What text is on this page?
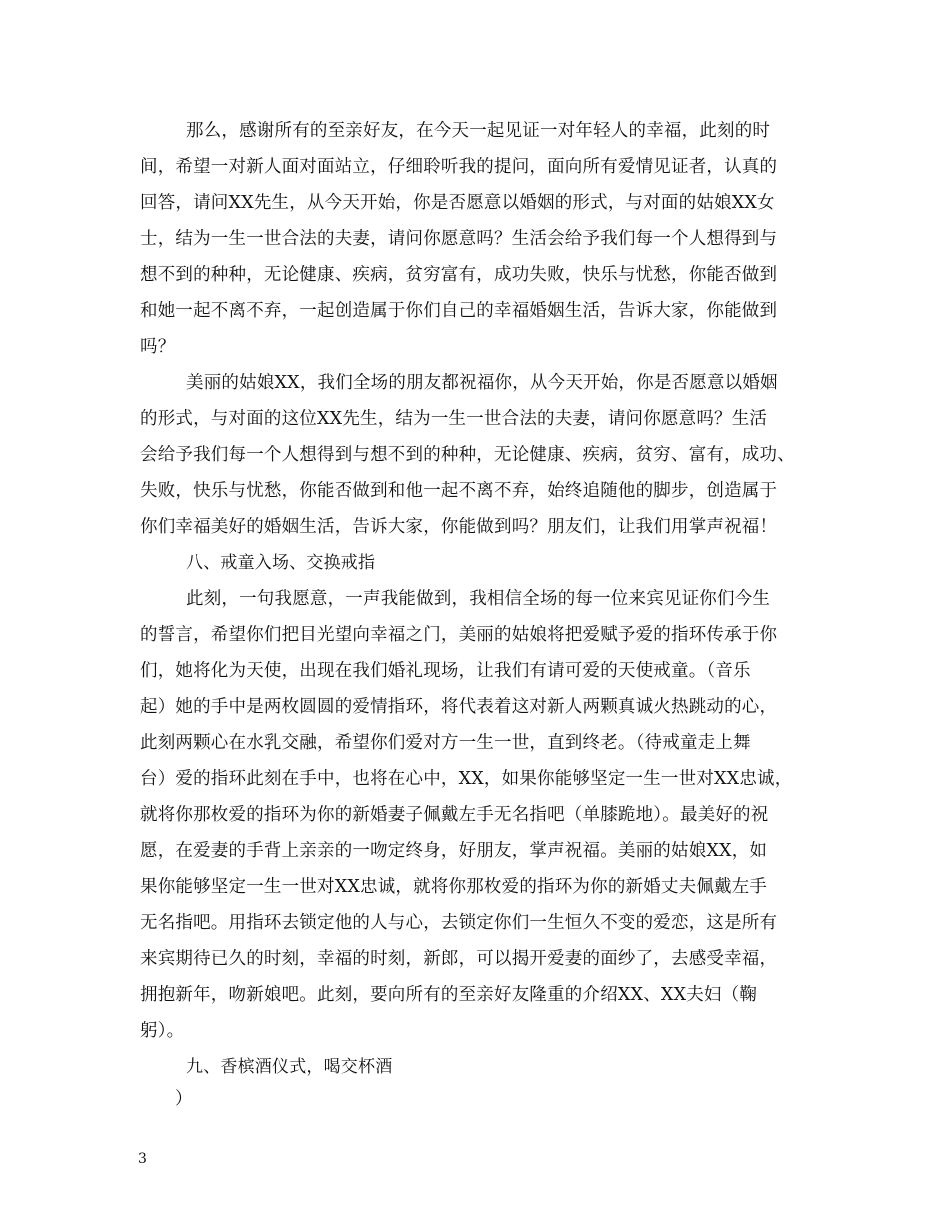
那么，感谢所有的至亲好友，在今天一起见证一对年轻人的幸福，此刻的时
间，希望一对新人面对面站立，仔细聆听我的提问，面向所有爱情见证者，认真的
回答，请问XX先生，从今天开始，你是否愿意以婚姻的形式，与对面的姑娘XX女
士，结为一生一世合法的夫妻，请问你愿意吗？生活会给予我们每一个人想得到与
想不到的种种，无论健康、疾病，贫穷富有，成功失败，快乐与忧愁，你能否做到
和她一起不离不弃，一起创造属于你们自己的幸福婚姻生活，告诉大家，你能做到
吗？
美丽的姑娘XX，我们全场的朋友都祝福你，从今天开始，你是否愿意以婚姻
的形式，与对面的这位XX先生，结为一生一世合法的夫妻，请问你愿意吗？生活
会给予我们每一个人想得到与想不到的种种，无论健康、疾病，贫穷、富有，成功、
失败，快乐与忧愁，你能否做到和他一起不离不弃，始终追随他的脚步，创造属于
你们幸福美好的婚姻生活，告诉大家，你能做到吗？朋友们，让我们用掌声祝福！
八、戒童入场、交换戒指
此刻，一句我愿意，一声我能做到，我相信全场的每一位来宾见证你们今生
的誓言，希望你们把目光望向幸福之门，美丽的姑娘将把爱赋予爱的指环传承于你
们，她将化为天使，出现在我们婚礼现场，让我们有请可爱的天使戒童。（音乐
起）她的手中是两枚圆圆的爱情指环，将代表着这对新人两颗真诚火热跳动的心，
此刻两颗心在水乳交融，希望你们爱对方一生一世，直到终老。（待戒童走上舞
台）爱的指环此刻在手中，也将在心中，XX，如果你能够坚定一生一世对XX忠诚，
就将你那枚爱的指环为你的新婚妻子佩戴左手无名指吧（单膝跪地）。最美好的祝
愿，在爱妻的手背上亲亲的一吻定终身，好朋友，掌声祝福。美丽的姑娘XX，如
果你能够坚定一生一世对XX忠诚，就将你那枚爱的指环为你的新婚丈夫佩戴左手
无名指吧。用指环去锁定他的人与心，去锁定你们一生恒久不变的爱恋，这是所有
来宾期待已久的时刻，幸福的时刻，新郎，可以揭开爱妻的面纱了，去感受幸福，
拥抱新年，吻新娘吧。此刻，要向所有的至亲好友隆重的介绍XX、XX夫妇（鞠
躬）。
九、香槟酒仪式，喝交杯酒
）
3
